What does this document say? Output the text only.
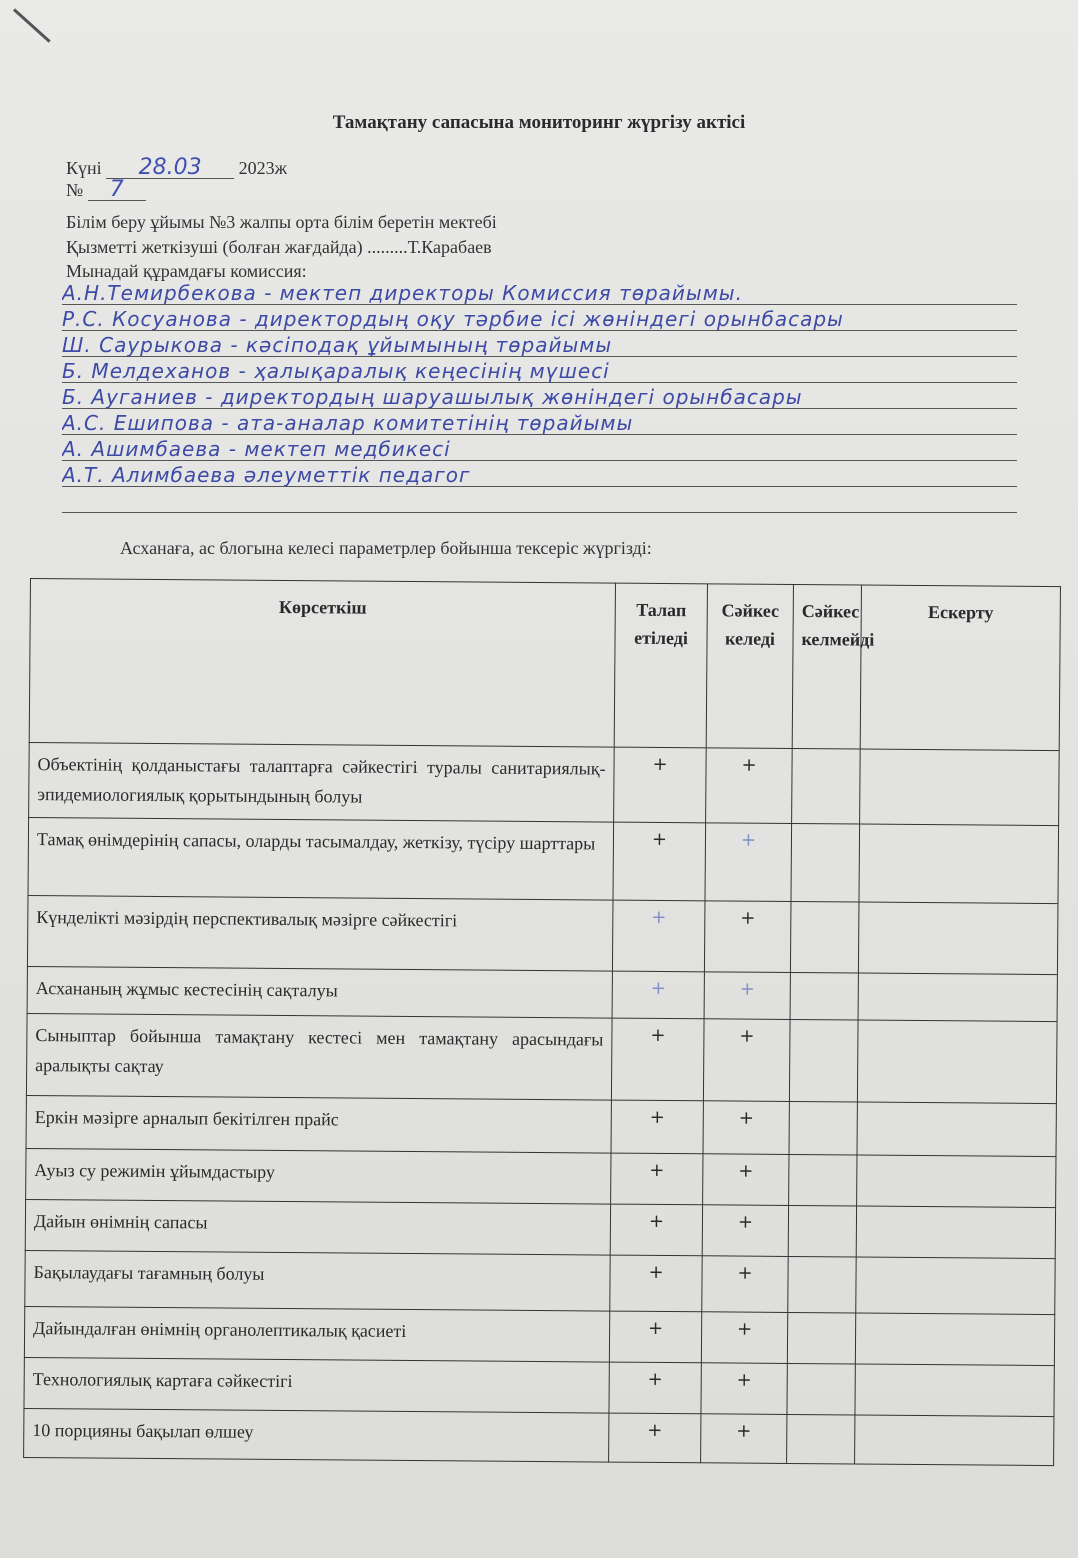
Тамақтану сапасына мониторинг жүргізу актісі
Күні 28.03 2023ж
№ 7
Білім беру ұйымы №3 жалпы орта білім беретін мектебі
Қызметті жеткізуші (болған жағдайда) .........Т.Карабаев
Мынадай құрамдағы комиссия:
А.Н.Темирбекова - мектеп директоры Комиссия төрайымы.
Р.С. Косуанова - директордың оқу тәрбие ісі жөніндегі орынбасары
Ш. Саурыкова - кәсіподақ ұйымының төрайымы
Б. Мелдеханов - ҳалықаралық кеңесінің мүшесі
Б. Ауганиев - директордың шаруашылық жөніндегі орынбасары
А.С. Ешипова - ата-аналар комитетінің төрайымы
А. Ашимбаева - мектеп медбикесі
А.Т. Алимбаева әлеуметтік педагог
Асханаға, ас блогына келесі параметрлер бойынша тексеріс жүргізді:
Көрсеткіш	Талап етіледі	Сәйкес келеді	Сәйкес келмейді	Ескерту
Объектінің қолданыстағы талаптарға сәйкестігі туралы санитариялық-эпидемиологиялық қорытындының болуы	+	+		
Тамақ өнімдерінің сапасы, оларды тасымалдау, жеткізу, түсіру шарттары	+	+		
Күнделікті мәзірдің перспективалық мәзірге сәйкестігі	+	+		
Асхананың жұмыс кестесінің сақталуы	+	+		
Сыныптар бойынша тамақтану кестесі мен тамақтану арасындағы аралықты сақтау	+	+		
Еркін мәзірге арналып бекітілген прайс	+	+		
Ауыз су режимін ұйымдастыру	+	+		
Дайын өнімнің сапасы	+	+		
Бақылаудағы тағамның болуы	+	+		
Дайындалған өнімнің органолептикалық қасиеті	+	+		
Технологиялық картаға сәйкестігі	+	+		
10 порцияны бақылап өлшеу	+	+		
